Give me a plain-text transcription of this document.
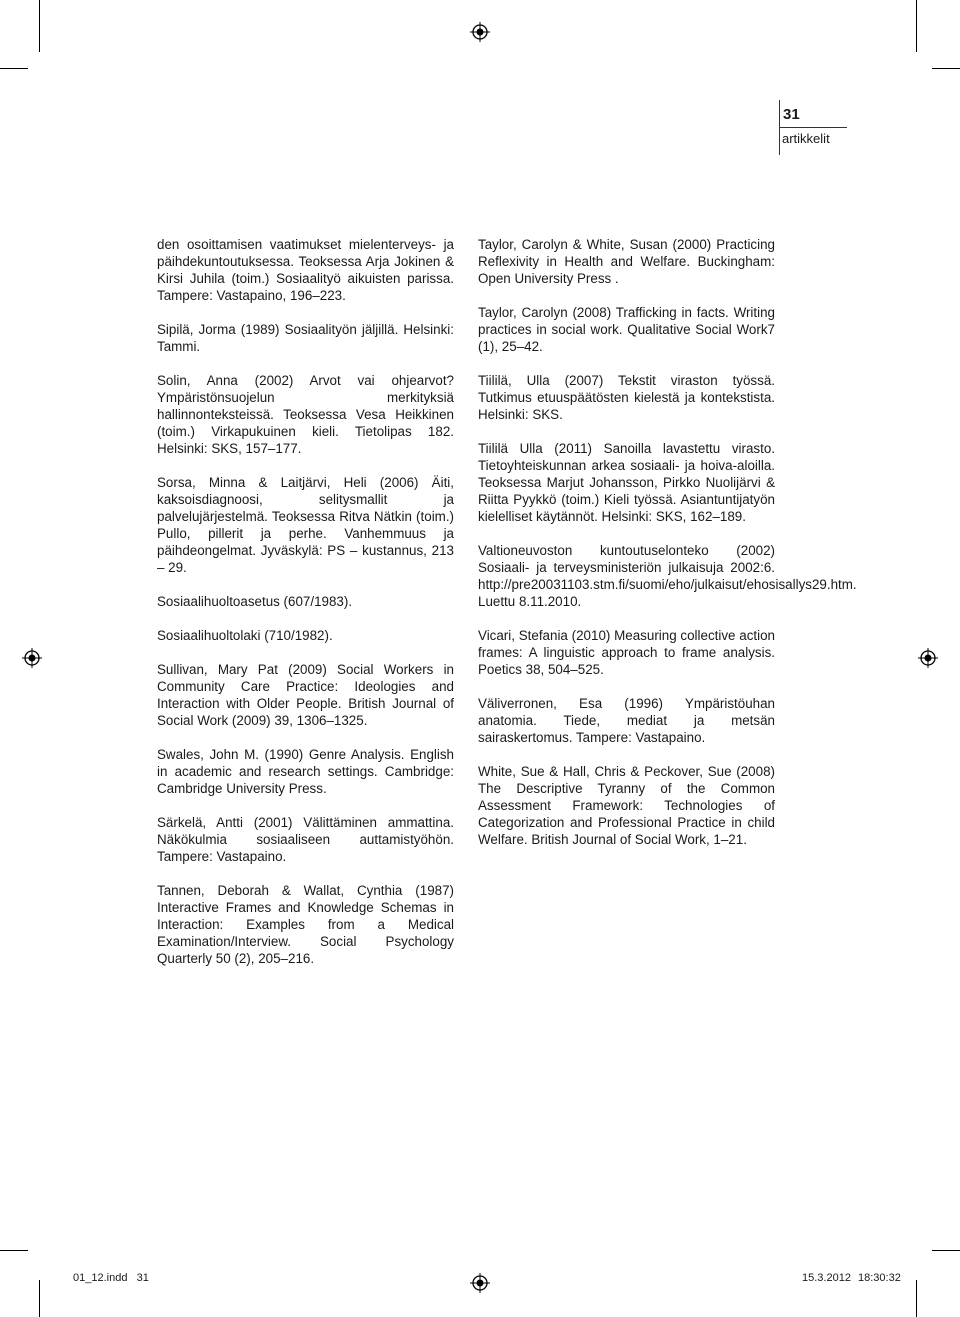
31
artikkelit

den osoittamisen vaatimukset mielenterveys- ja päihdekuntoutuksessa. Teoksessa Arja Jokinen & Kirsi Juhila (toim.) Sosiaalityö aikuisten parissa. Tampere: Vastapaino, 196–223.

Sipilä, Jorma (1989) Sosiaalityön jäljillä. Helsinki: Tammi.

Solin, Anna (2002) Arvot vai ohjearvot? Ympäristönsuojelun merkityksiä hallinnonteksteissä. Teoksessa Vesa Heikkinen (toim.) Virkapukuinen kieli. Tietolipas 182. Helsinki: SKS, 157–177.

Sorsa, Minna & Laitjärvi, Heli (2006) Äiti, kaksoisdiagnoosi, selitysmallit ja palvelujärjestelmä. Teoksessa Ritva Nätkin (toim.) Pullo, pillerit ja perhe. Vanhemmuus ja päihdeongelmat. Jyväskylä: PS – kustannus, 213 – 29.

Sosiaalihuoltoasetus (607/1983).

Sosiaalihuoltolaki (710/1982).

Sullivan, Mary Pat (2009) Social Workers in Community Care Practice: Ideologies and Interaction with Older People. British Journal of Social Work (2009) 39, 1306–1325.

Swales, John M. (1990) Genre Analysis. English in academic and research settings. Cambridge: Cambridge University Press.

Särkelä, Antti (2001) Välittäminen ammattina. Näkökulmia sosiaaliseen auttamistyöhön. Tampere: Vastapaino.

Tannen, Deborah & Wallat, Cynthia (1987) Interactive Frames and Knowledge Schemas in Interaction: Examples from a Medical Examination/Interview. Social Psychology Quarterly 50 (2), 205–216.

Taylor, Carolyn & White, Susan (2000) Practicing Reflexivity in Health and Welfare. Buckingham: Open University Press .

Taylor, Carolyn (2008) Trafficking in facts. Writing practices in social work. Qualitative Social Work7 (1), 25–42.

Tiililä, Ulla (2007) Tekstit viraston työssä. Tutkimus etuuspäätösten kielestä ja kontekstista. Helsinki: SKS.

Tiililä Ulla (2011) Sanoilla lavastettu virasto. Tietoyhteiskunnan arkea sosiaali- ja hoiva-aloilla. Teoksessa Marjut Johansson, Pirkko Nuolijärvi & Riitta Pyykkö (toim.) Kieli työssä. Asiantuntijatyön kielelliset käytännöt. Helsinki: SKS, 162–189.

Valtioneuvoston kuntoutuselonteko (2002) Sosiaali- ja terveysministeriön julkaisuja 2002:6. http://pre20031103.stm.fi/suomi/eho/julkaisut/ehosisallys29.htm. Luettu 8.11.2010.

Vicari, Stefania (2010) Measuring collective action frames: A linguistic approach to frame analysis. Poetics 38, 504–525.

Väliverronen, Esa (1996) Ympäristöuhan anatomia. Tiede, mediat ja metsän sairaskertomus. Tampere: Vastapaino.

White, Sue & Hall, Chris & Peckover, Sue (2008) The Descriptive Tyranny of the Common Assessment Framework: Technologies of Categorization and Professional Practice in child Welfare. British Journal of Social Work, 1–21.

01_12.indd   31	15.3.2012 18:30:32
